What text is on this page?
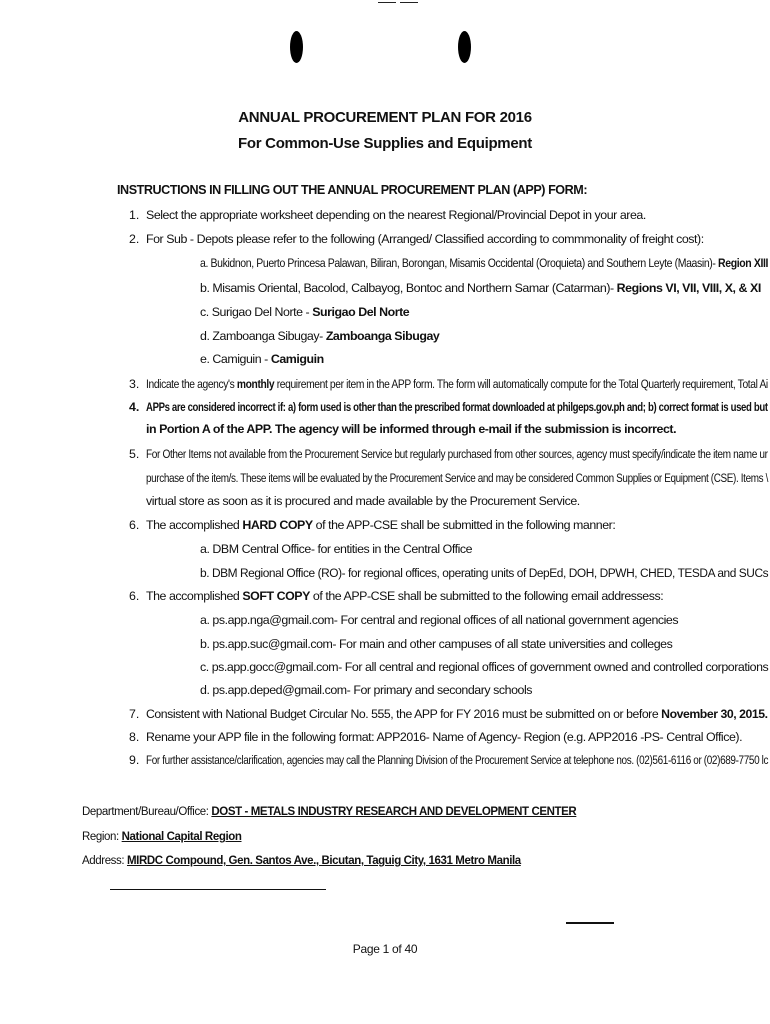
ANNUAL PROCUREMENT PLAN FOR 2016
For Common-Use Supplies and Equipment
INSTRUCTIONS IN FILLING OUT THE ANNUAL PROCUREMENT PLAN (APP) FORM:
1. Select the appropriate worksheet depending on the nearest Regional/Provincial Depot in your area.
2. For Sub - Depots please refer to the following (Arranged/ Classified according to commmonality of freight cost):
a. Bukidnon, Puerto Princesa Palawan, Biliran, Borongan, Misamis Occidental (Oroquieta) and Southern Leyte (Maasin)- Region XIII
b. Misamis Oriental, Bacolod, Calbayog, Bontoc and Northern Samar (Catarman)- Regions VI, VII, VIII, X, & XI
c. Surigao Del Norte - Surigao Del Norte
d. Zamboanga Sibugay- Zamboanga Sibugay
e. Camiguin - Camiguin
3. Indicate the agency's monthly requirement per item in the APP form. The form will automatically compute for the Total Quarterly requirement, Total Ai
4. APPs are considered incorrect if: a) form used is other than the prescribed format downloaded at philgeps.gov.ph and; b) correct format is used but
in Portion A of the APP. The agency will be informed through e-mail if the submission is incorrect.
5. For Other Items not available from the Procurement Service but regularly purchased from other sources, agency must specify/indicate the item name ur
purchase of the item/s. These items will be evaluated by the Procurement Service and may be considered Common Supplies or Equipment (CSE). Items \
virtual store as soon as it is procured and made available by the Procurement Service.
6. The accomplished HARD COPY of the APP-CSE shall be submitted in the following manner:
a. DBM Central Office- for entities in the Central Office
b. DBM Regional Office (RO)- for regional offices, operating units of DepEd, DOH, DPWH, CHED, TESDA and SUCs
6. The accomplished SOFT COPY of the APP-CSE shall be submitted to the following email addressess:
a. ps.app.nga@gmail.com- For central and regional offices of all national government agencies
b. ps.app.suc@gmail.com- For main and other campuses of all state universities and colleges
c. ps.app.gocc@gmail.com- For all central and regional offices of government owned and controlled corporations
d. ps.app.deped@gmail.com- For primary and secondary schools
7. Consistent with National Budget Circular No. 555, the APP for FY 2016 must be submitted on or before November 30, 2015.
8. Rename your APP file in the following format: APP2016- Name of Agency- Region (e.g. APP2016 -PS- Central Office).
9. For further assistance/clarification, agencies may call the Planning Division of the Procurement Service at telephone nos. (02)561-6116 or (02)689-7750 lc
Department/Bureau/Office: DOST - METALS INDUSTRY RESEARCH AND DEVELOPMENT CENTER
Region: National Capital Region
Address: MIRDC Compound, Gen. Santos Ave., Bicutan, Taguig City, 1631 Metro Manila
Page 1 of 40
